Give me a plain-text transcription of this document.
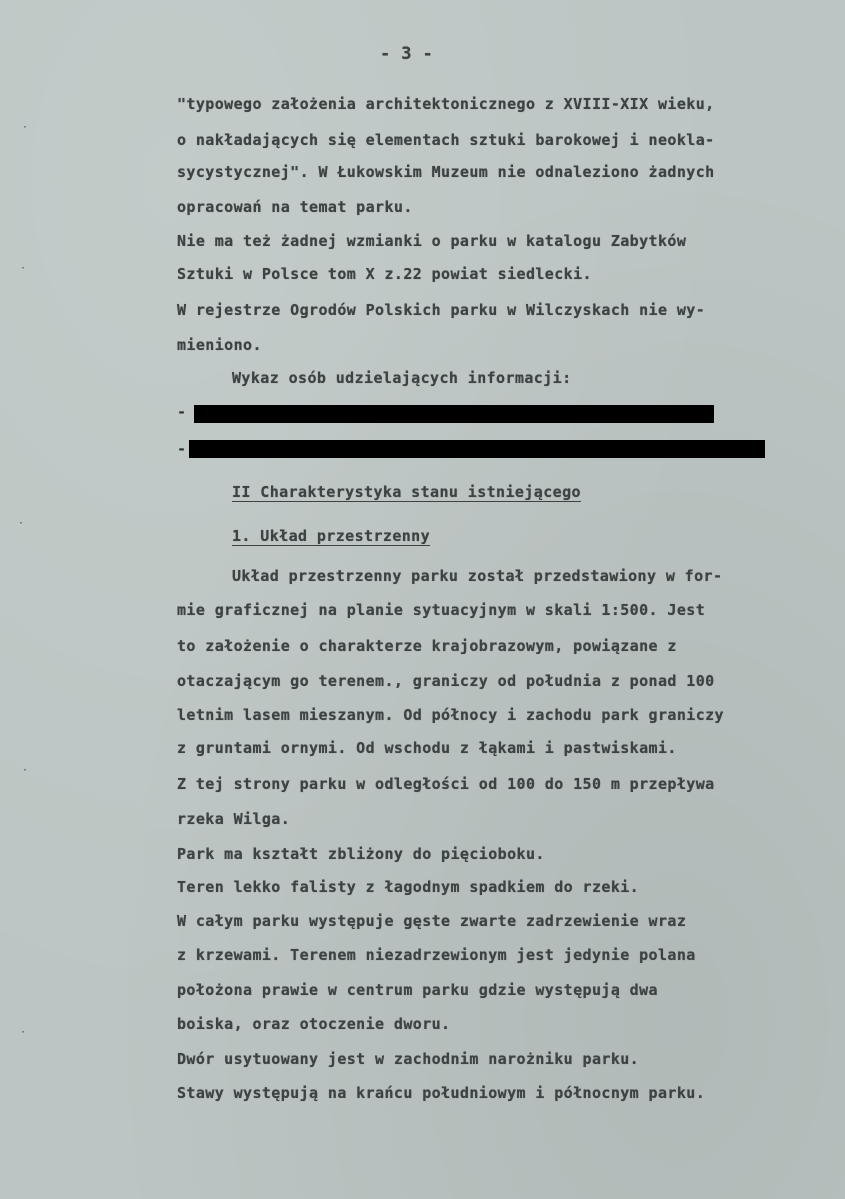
- 3 -
"typowego założenia architektonicznego z XVIII-XIX wieku,
o nakładających się elementach sztuki barokowej i neokla-
sycystycznej". W Łukowskim Muzeum nie odnaleziono żadnych
opracowań na temat parku.
Nie ma też żadnej wzmianki o parku w katalogu Zabytków
Sztuki w Polsce tom X z.22 powiat siedlecki.
W rejestrze Ogrodów Polskich parku w Wilczyskach nie wy-
mieniono.
Wykaz osób udzielających informacji:
-
-
II Charakterystyka stanu istniejącego
1. Układ przestrzenny
Układ przestrzenny parku został przedstawiony w for-
mie graficznej na planie sytuacyjnym w skali 1:500. Jest
to założenie o charakterze krajobrazowym, powiązane z
otaczającym go terenem., graniczy od południa z ponad 100
letnim lasem mieszanym. Od północy i zachodu park graniczy
z gruntami ornymi. Od wschodu z łąkami i pastwiskami.
Z tej strony parku w odległości od 100 do 150 m przepływa
rzeka Wilga.
Park ma kształt zbliżony do pięcioboku.
Teren lekko falisty z łagodnym spadkiem do rzeki.
W całym parku występuje gęste zwarte zadrzewienie wraz
z krzewami. Terenem niezadrzewionym jest jedynie polana
położona prawie w centrum parku gdzie występują dwa
boiska, oraz otoczenie dworu.
Dwór usytuowany jest w zachodnim narożniku parku.
Stawy występują na krańcu południowym i północnym parku.
·
·
·
·
·
